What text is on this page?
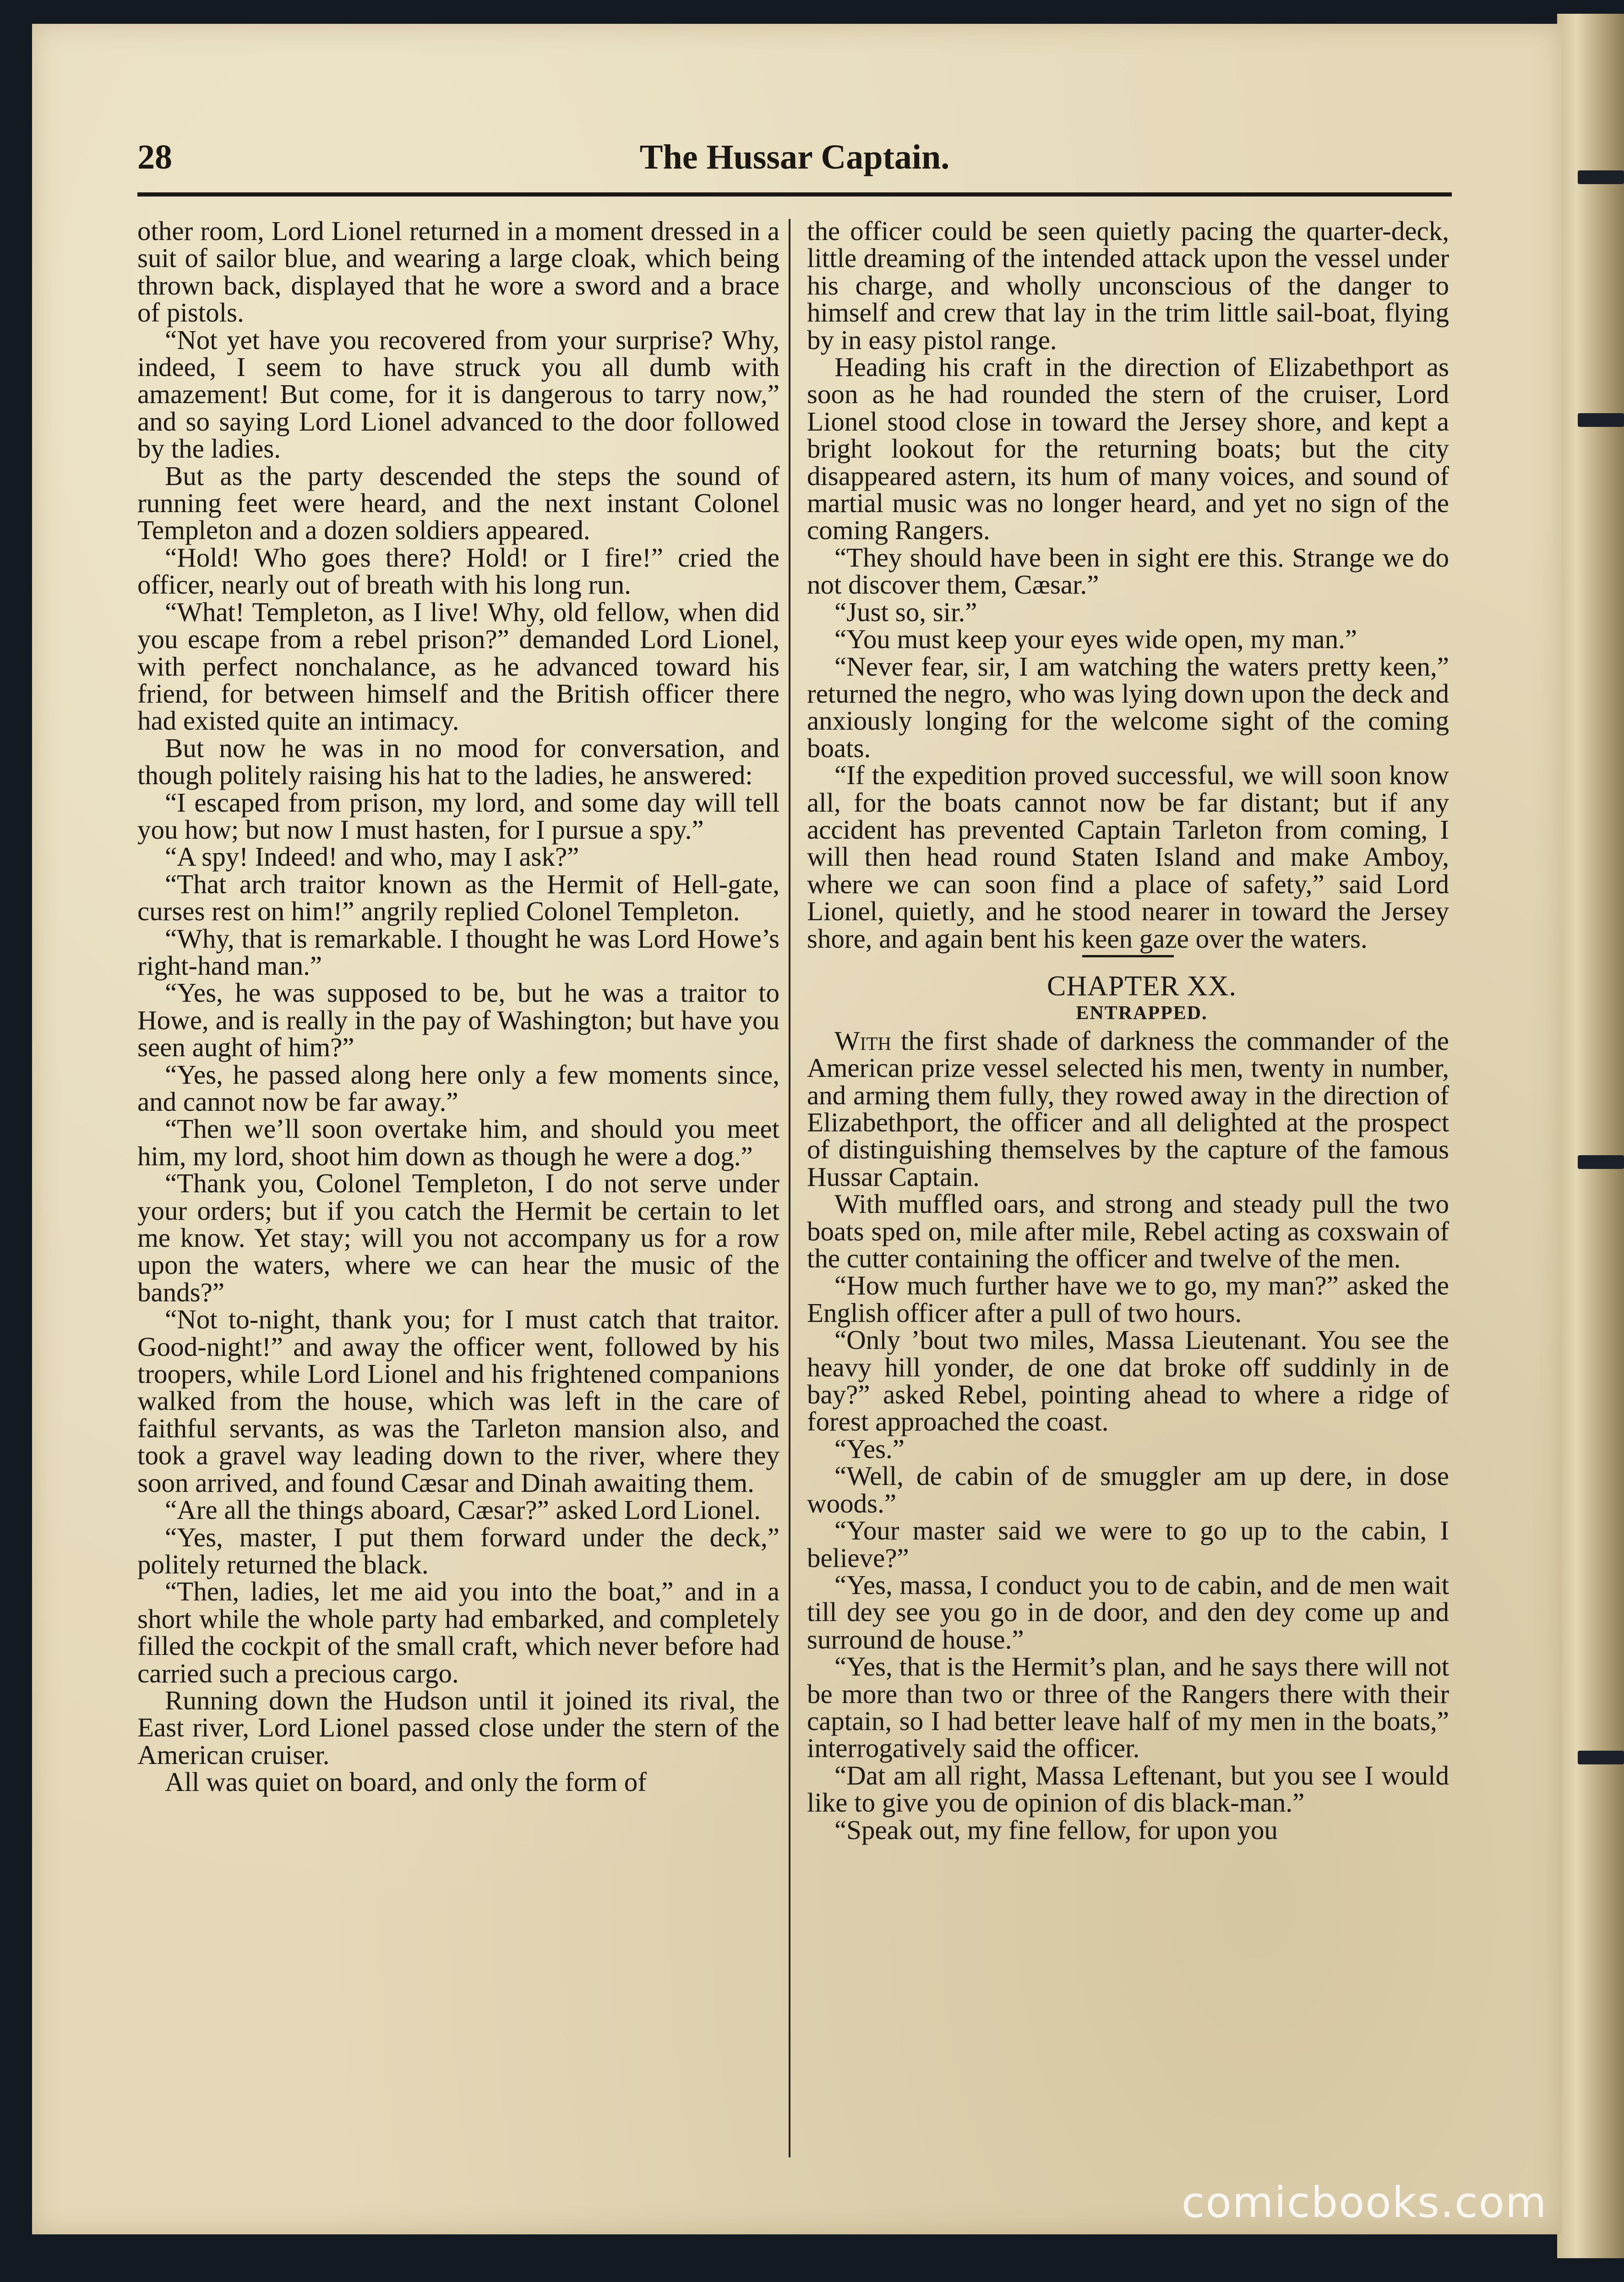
28	The Hussar Captain.

other room, Lord Lionel returned in a moment dressed in a suit of sailor blue, and wearing a large cloak, which being thrown back, displayed that he wore a sword and a brace of pistols.

“Not yet have you recovered from your surprise? Why, indeed, I seem to have struck you all dumb with amazement! But come, for it is dangerous to tarry now,” and so saying Lord Lionel advanced to the door followed by the ladies.

But as the party descended the steps the sound of running feet were heard, and the next instant Colonel Templeton and a dozen soldiers appeared.

“Hold! Who goes there? Hold! or I fire!” cried the officer, nearly out of breath with his long run.

“What! Templeton, as I live! Why, old fellow, when did you escape from a rebel prison?” demanded Lord Lionel, with perfect nonchalance, as he advanced toward his friend, for between himself and the British officer there had existed quite an intimacy.

But now he was in no mood for conversation, and though politely raising his hat to the ladies, he answered:

“I escaped from prison, my lord, and some day will tell you how; but now I must hasten, for I pursue a spy.”

“A spy! Indeed! and who, may I ask?”

“That arch traitor known as the Hermit of Hell-gate, curses rest on him!” angrily replied Colonel Templeton.

“Why, that is remarkable. I thought he was Lord Howe’s right-hand man.”

“Yes, he was supposed to be, but he was a traitor to Howe, and is really in the pay of Washington; but have you seen aught of him?”

“Yes, he passed along here only a few moments since, and cannot now be far away.”

“Then we’ll soon overtake him, and should you meet him, my lord, shoot him down as though he were a dog.”

“Thank you, Colonel Templeton, I do not serve under your orders; but if you catch the Hermit be certain to let me know. Yet stay; will you not accompany us for a row upon the waters, where we can hear the music of the bands?”

“Not to-night, thank you; for I must catch that traitor. Good-night!” and away the officer went, followed by his troopers, while Lord Lionel and his frightened companions walked from the house, which was left in the care of faithful servants, as was the Tarleton mansion also, and took a gravel way leading down to the river, where they soon arrived, and found Cæsar and Dinah awaiting them.

“Are all the things aboard, Cæsar?” asked Lord Lionel.

“Yes, master, I put them forward under the deck,” politely returned the black.

“Then, ladies, let me aid you into the boat,” and in a short while the whole party had embarked, and completely filled the cockpit of the small craft, which never before had carried such a precious cargo.

Running down the Hudson until it joined its rival, the East river, Lord Lionel passed close under the stern of the American cruiser.

All was quiet on board, and only the form of

the officer could be seen quietly pacing the quarter-deck, little dreaming of the intended attack upon the vessel under his charge, and wholly unconscious of the danger to himself and crew that lay in the trim little sail-boat, flying by in easy pistol range.

Heading his craft in the direction of Elizabethport as soon as he had rounded the stern of the cruiser, Lord Lionel stood close in toward the Jersey shore, and kept a bright lookout for the returning boats; but the city disappeared astern, its hum of many voices, and sound of martial music was no longer heard, and yet no sign of the coming Rangers.

“They should have been in sight ere this. Strange we do not discover them, Cæsar.”

“Just so, sir.”

“You must keep your eyes wide open, my man.”

“Never fear, sir, I am watching the waters pretty keen,” returned the negro, who was lying down upon the deck and anxiously longing for the welcome sight of the coming boats.

“If the expedition proved successful, we will soon know all, for the boats cannot now be far distant; but if any accident has prevented Captain Tarleton from coming, I will then head round Staten Island and make Amboy, where we can soon find a place of safety,” said Lord Lionel, quietly, and he stood nearer in toward the Jersey shore, and again bent his keen gaze over the waters.

CHAPTER XX.

ENTRAPPED.

With the first shade of darkness the commander of the American prize vessel selected his men, twenty in number, and arming them fully, they rowed away in the direction of Elizabethport, the officer and all delighted at the prospect of distinguishing themselves by the capture of the famous Hussar Captain.

With muffled oars, and strong and steady pull the two boats sped on, mile after mile, Rebel acting as coxswain of the cutter containing the officer and twelve of the men.

“How much further have we to go, my man?” asked the English officer after a pull of two hours.

“Only ’bout two miles, Massa Lieutenant. You see the heavy hill yonder, de one dat broke off suddinly in de bay?” asked Rebel, pointing ahead to where a ridge of forest approached the coast.

“Yes.”

“Well, de cabin of de smuggler am up dere, in dose woods.”

“Your master said we were to go up to the cabin, I believe?”

“Yes, massa, I conduct you to de cabin, and de men wait till dey see you go in de door, and den dey come up and surround de house.”

“Yes, that is the Hermit’s plan, and he says there will not be more than two or three of the Rangers there with their captain, so I had better leave half of my men in the boats,” interrogatively said the officer.

“Dat am all right, Massa Leftenant, but you see I would like to give you de opinion of dis black-man.”

“Speak out, my fine fellow, for upon you

comicbooks.com
